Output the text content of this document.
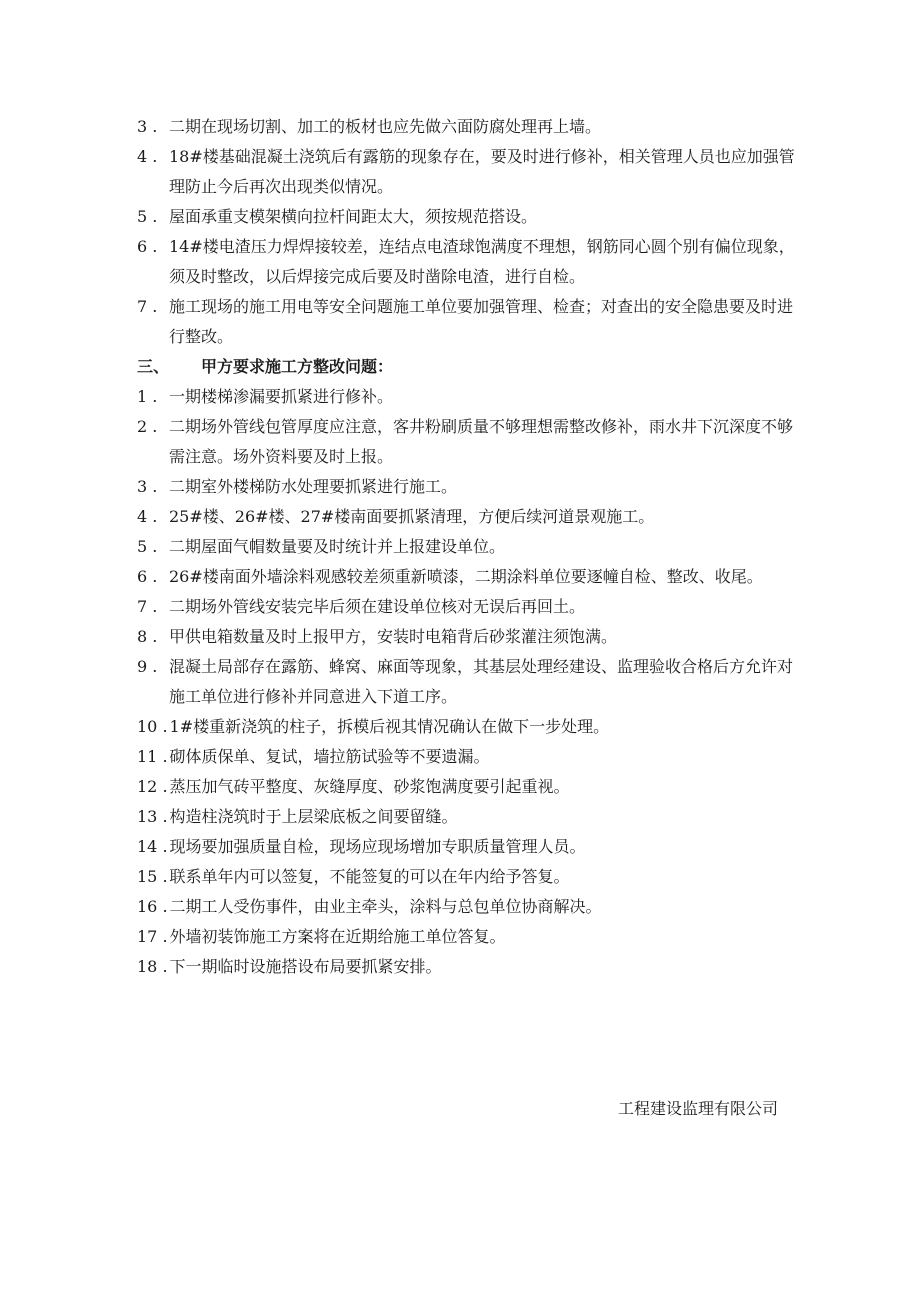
3 . 二期在现场切割、加工的板材也应先做六面防腐处理再上墙。
4 . 18#楼基础混凝土浇筑后有露筋的现象存在，要及时进行修补，相关管理人员也应加强管理防止今后再次出现类似情况。
5 . 屋面承重支模架横向拉杆间距太大，须按规范搭设。
6 . 14#楼电渣压力焊焊接较差，连结点电渣球饱满度不理想，钢筋同心圆个别有偏位现象，须及时整改，以后焊接完成后要及时凿除电渣，进行自检。
7 . 施工现场的施工用电等安全问题施工单位要加强管理、检查；对查出的安全隐患要及时进行整改。
三、	甲方要求施工方整改问题：
1 . 一期楼梯渗漏要抓紧进行修补。
2 . 二期场外管线包管厚度应注意，客井粉刷质量不够理想需整改修补，雨水井下沉深度不够需注意。场外资料要及时上报。
3 . 二期室外楼梯防水处理要抓紧进行施工。
4 . 25#楼、26#楼、27#楼南面要抓紧清理，方便后续河道景观施工。
5 . 二期屋面气帽数量要及时统计并上报建设单位。
6 . 26#楼南面外墙涂料观感较差须重新喷漆，二期涂料单位要逐幢自检、整改、收尾。
7 . 二期场外管线安装完毕后须在建设单位核对无误后再回土。
8 . 甲供电箱数量及时上报甲方，安装时电箱背后砂浆灌注须饱满。
9 . 混凝土局部存在露筋、蜂窝、麻面等现象，其基层处理经建设、监理验收合格后方允许对施工单位进行修补并同意进入下道工序。
10 . 1#楼重新浇筑的柱子，拆模后视其情况确认在做下一步处理。
11 . 砌体质保单、复试，墙拉筋试验等不要遗漏。
12 . 蒸压加气砖平整度、灰缝厚度、砂浆饱满度要引起重视。
13 . 构造柱浇筑时于上层梁底板之间要留缝。
14 . 现场要加强质量自检，现场应现场增加专职质量管理人员。
15 . 联系单年内可以签复，不能签复的可以在年内给予答复。
16 . 二期工人受伤事件，由业主牵头，涂料与总包单位协商解决。
17 . 外墙初装饰施工方案将在近期给施工单位答复。
18 . 下一期临时设施搭设布局要抓紧安排。
工程建设监理有限公司
